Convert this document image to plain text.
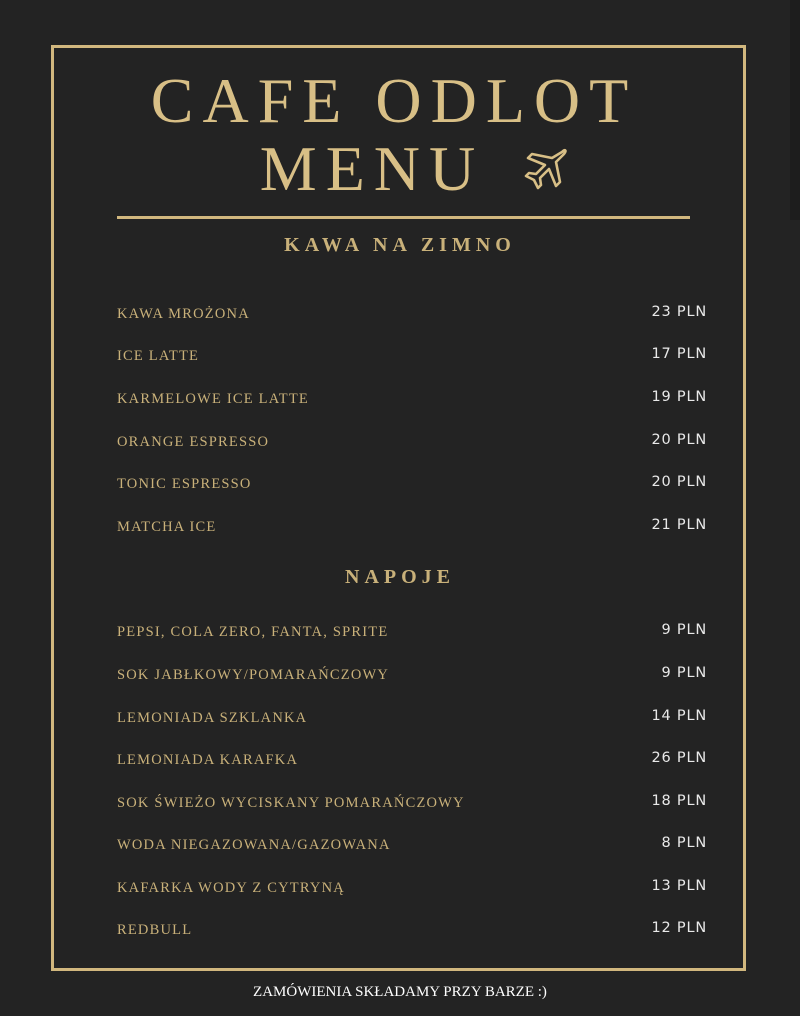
CAFE ODLOT
MENU
KAWA NA ZIMNO
KAWA MROŻONA	23 PLN
ICE LATTE	17 PLN
KARMELOWE ICE LATTE	19 PLN
ORANGE ESPRESSO	20 PLN
TONIC ESPRESSO	20 PLN
MATCHA ICE	21 PLN
NAPOJE
PEPSI, COLA ZERO, FANTA, SPRITE	9 PLN
SOK JABŁKOWY/POMARAŃCZOWY	9 PLN
LEMONIADA SZKLANKA	14 PLN
LEMONIADA KARAFKA	26 PLN
SOK ŚWIEŻO WYCISKANY POMARAŃCZOWY	18 PLN
WODA NIEGAZOWANA/GAZOWANA	8 PLN
KAFARKA WODY Z CYTRYNĄ	13 PLN
REDBULL	12 PLN

ZAMÓWIENIA SKŁADAMY PRZY BARZE :)
